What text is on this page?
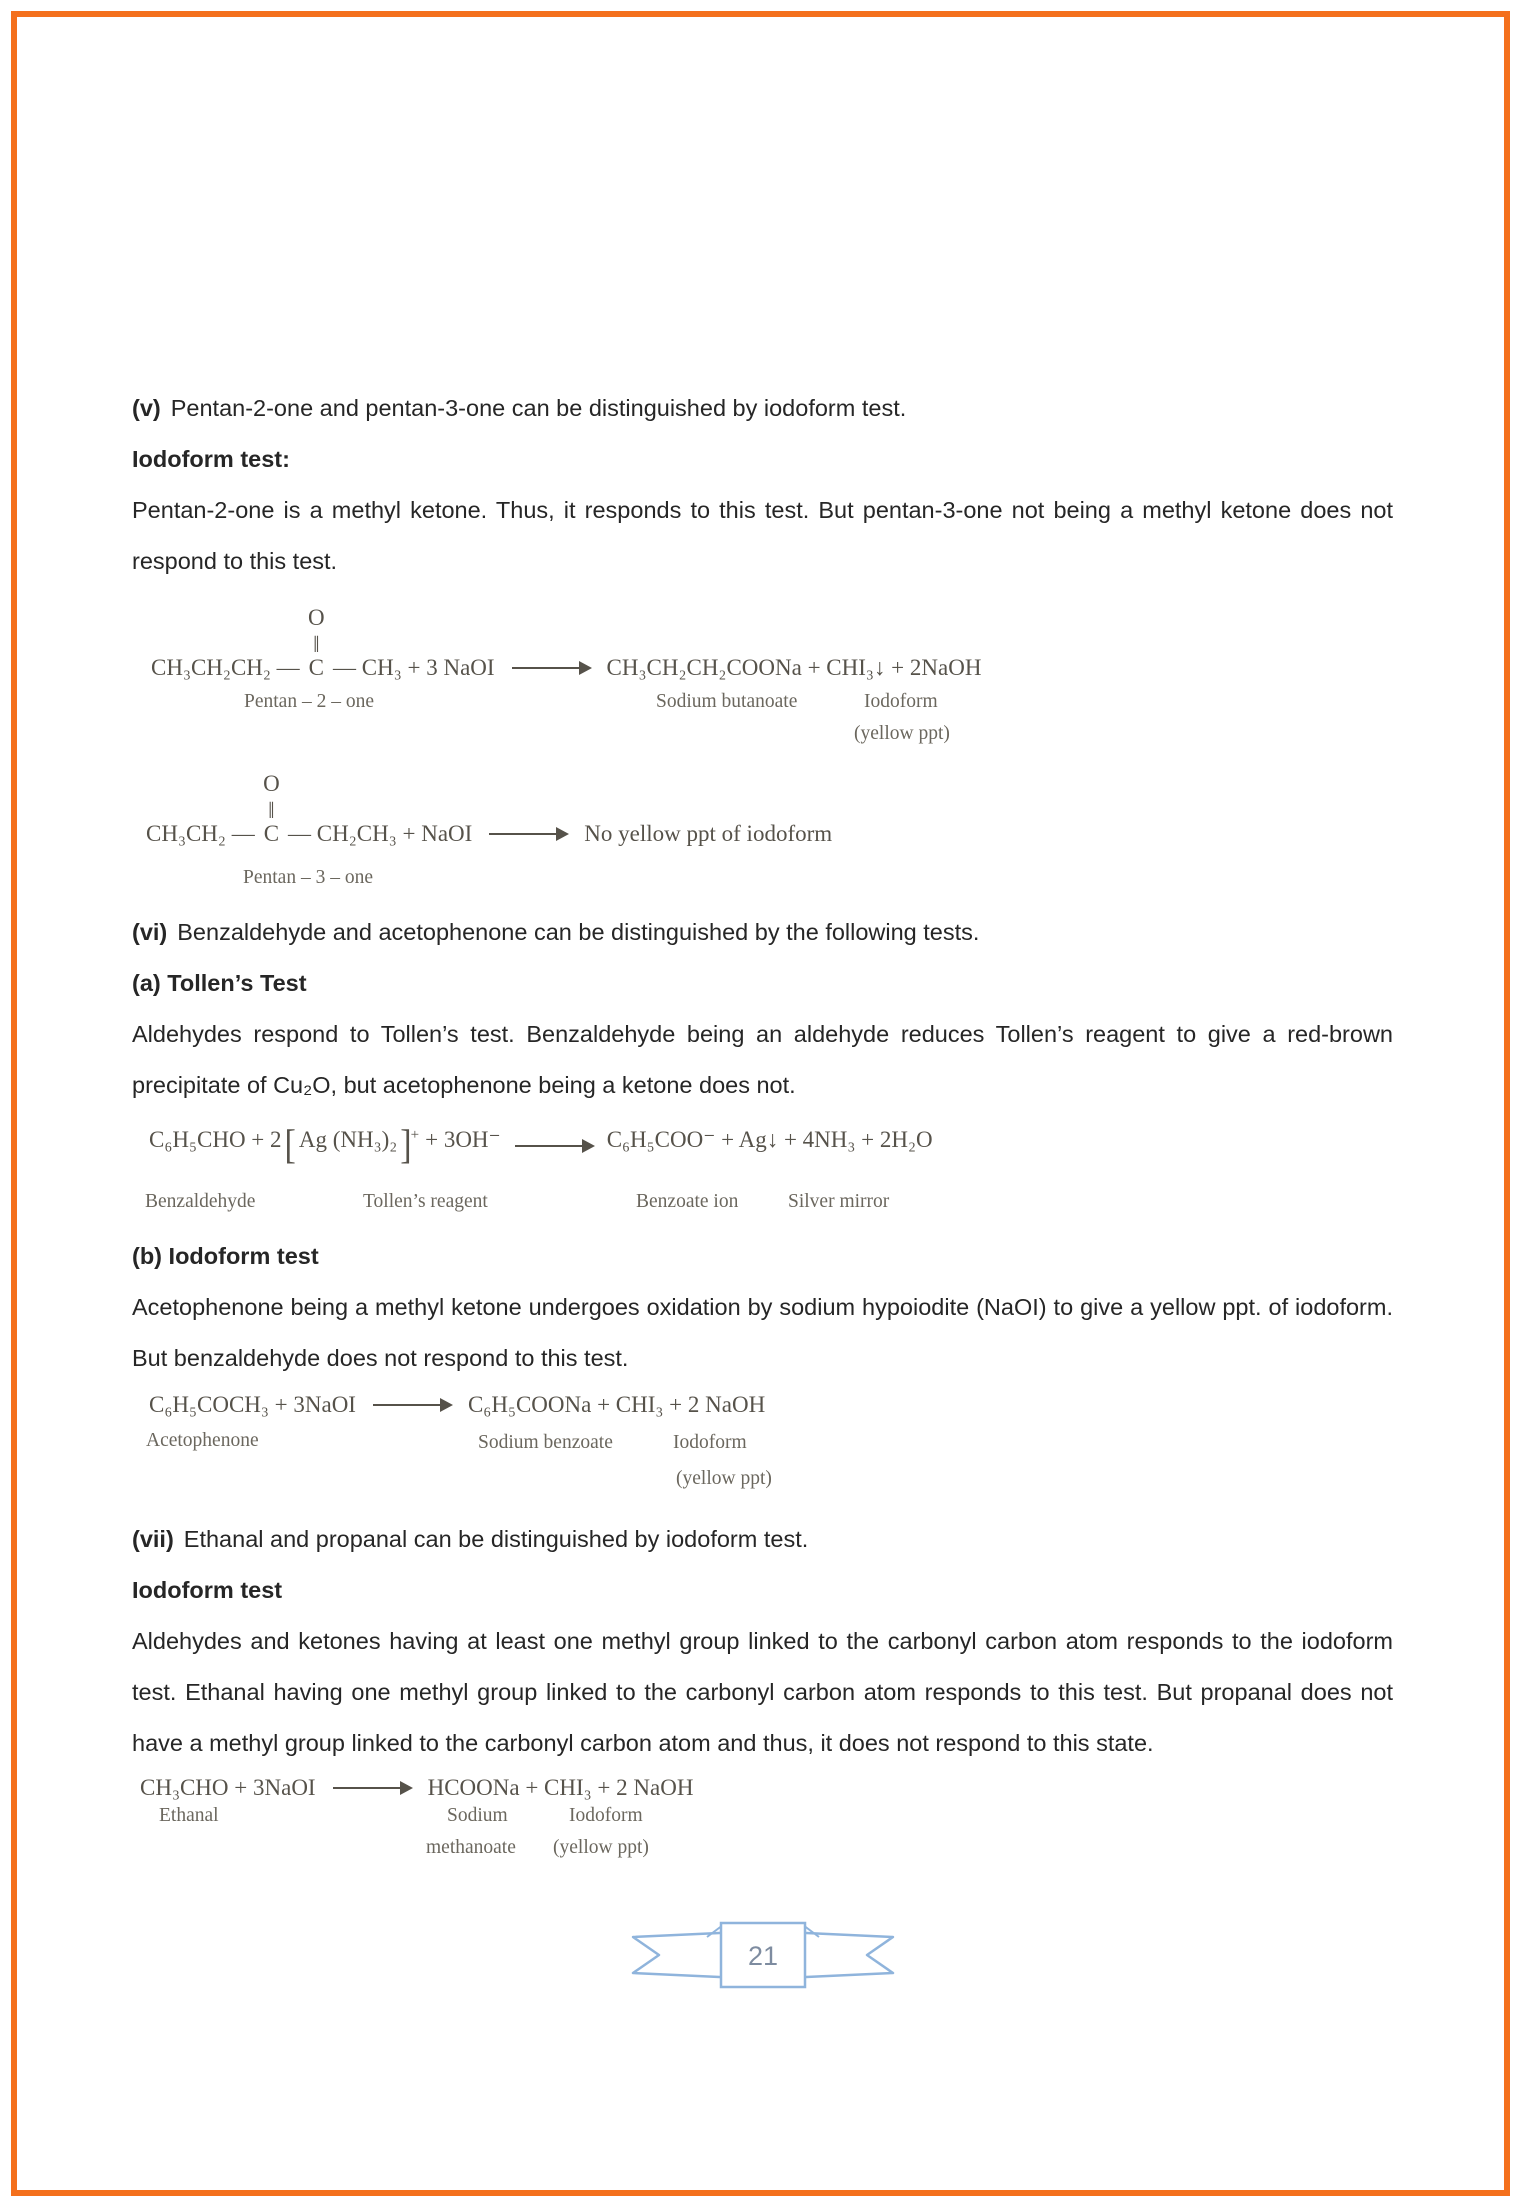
(v) Pentan-2-one and pentan-3-one can be distinguished by iodoform test.

Iodoform test:

Pentan-2-one is a methyl ketone. Thus, it responds to this test. But pentan-3-one not being a methyl ketone does not respond to this test.

CH₃CH₂CH₂ —
O
‖
C — CH₃ + 3 NaOI	CH₃CH₂CH₂COONa + CHI₃↓ + 2NaOH
Pentan – 2 – one	Sodium butanoate	Iodoform
(yellow ppt)
CH₃CH₂ —
O
‖
C — CH₂CH₃ + NaOI	No yellow ppt of iodoform
Pentan – 3 – one

(vi) Benzaldehyde and acetophenone can be distinguished by the following tests.

(a) Tollen’s Test

Aldehydes respond to Tollen’s test. Benzaldehyde being an aldehyde reduces Tollen’s reagent to give a red-brown precipitate of Cu₂O, but acetophenone being a ketone does not.

C₆H₅CHO + 2 [ Ag (NH₃)₂ ] + + 3OH⁻	C₆H₅COO⁻ + Ag↓ + 4NH₃ + 2H₂O
Benzaldehyde	Tollen’s reagent	Benzoate ion	Silver mirror

(b) Iodoform test

Acetophenone being a methyl ketone undergoes oxidation by sodium hypoiodite (NaOI) to give a yellow ppt. of iodoform. But benzaldehyde does not respond to this test.

C₆H₅COCH₃ + 3NaOI	C₆H₅COONa + CHI₃ + 2 NaOH
Acetophenone	Sodium benzoate	Iodoform
(yellow ppt)

(vii) Ethanal and propanal can be distinguished by iodoform test.

Iodoform test

Aldehydes and ketones having at least one methyl group linked to the carbonyl carbon atom responds to the iodoform test. Ethanal having one methyl group linked to the carbonyl carbon atom responds to this test. But propanal does not have a methyl group linked to the carbonyl carbon atom and thus, it does not respond to this state.

CH₃CHO + 3NaOI	HCOONa + CHI₃ + 2 NaOH
Ethanal	Sodium	Iodoform
methanoate (yellow ppt)
21
